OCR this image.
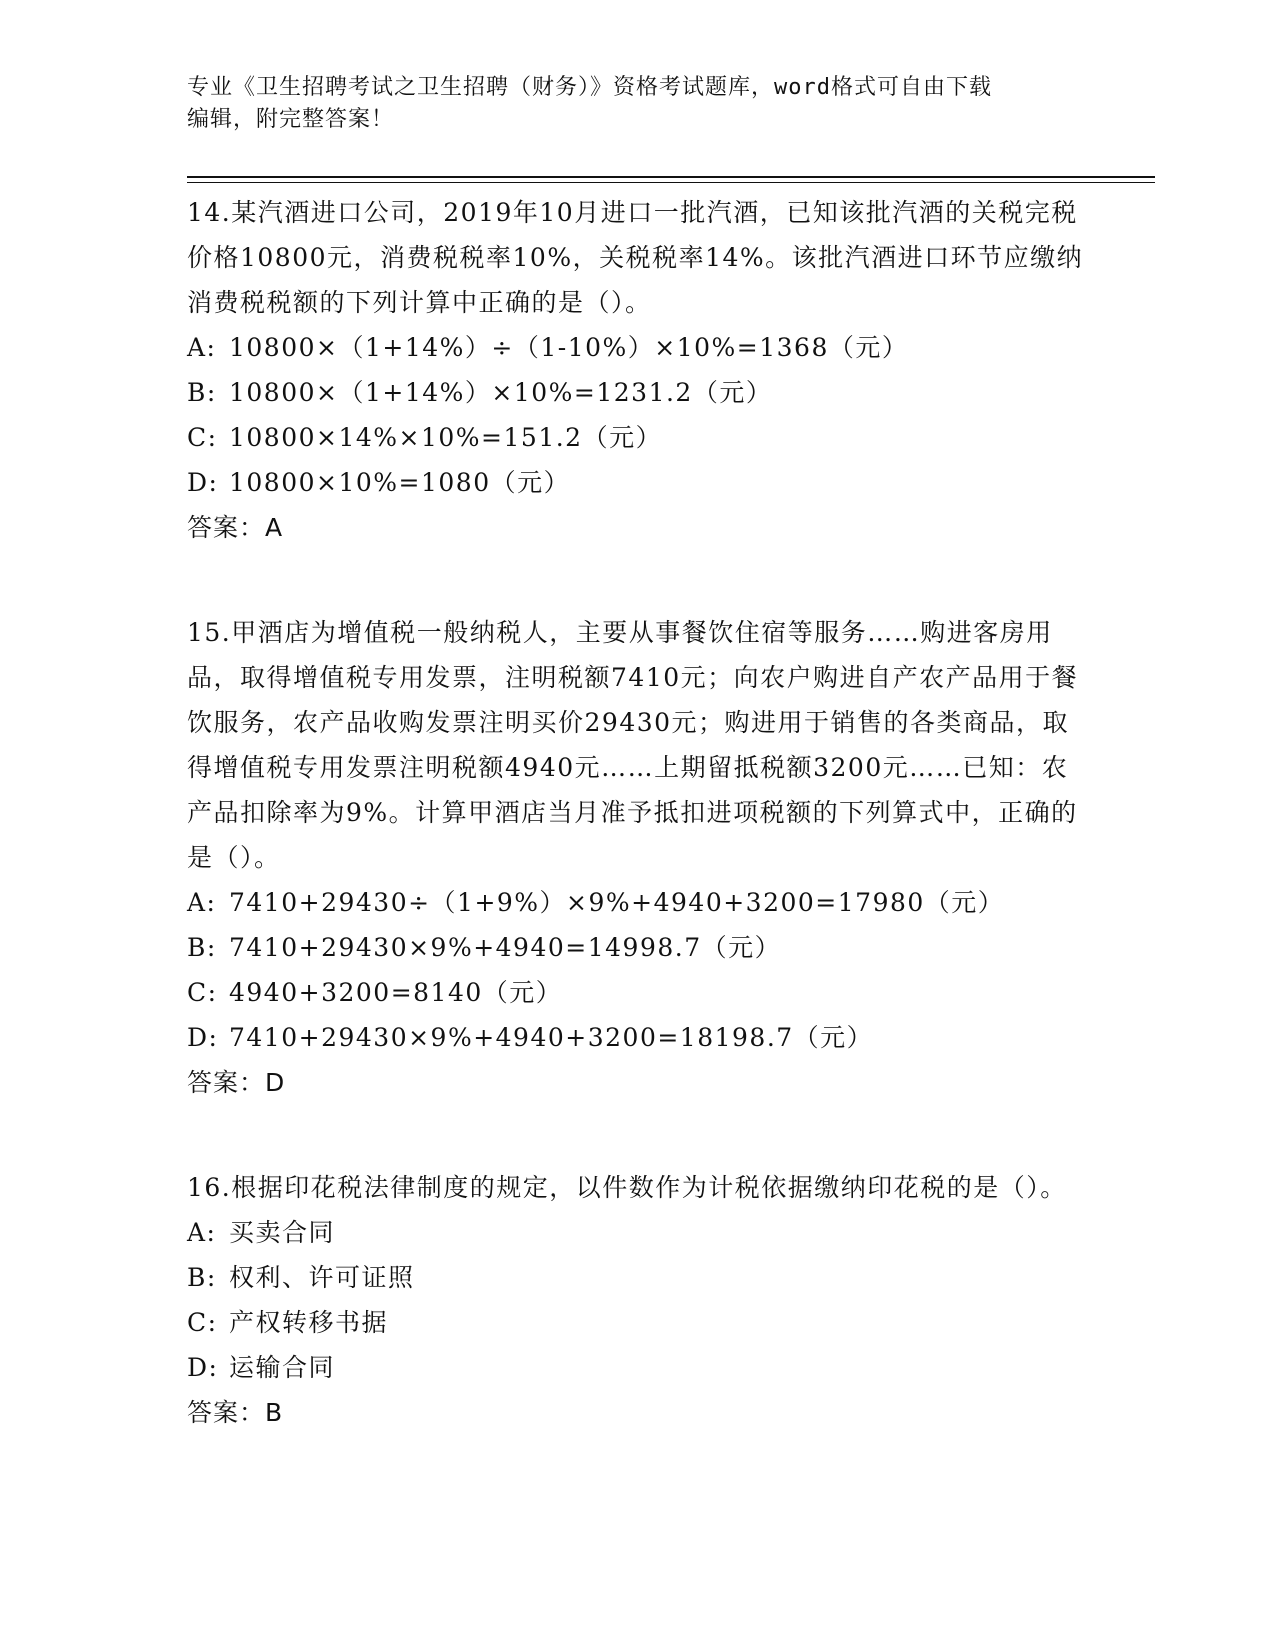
专业《卫生招聘考试之卫生招聘（财务）》资格考试题库，word格式可自由下载
编辑，附完整答案！

14.某汽酒进口公司，2019年10月进口一批汽酒，已知该批汽酒的关税完税价格10800元，消费税税率10%，关税税率14%。该批汽酒进口环节应缴纳消费税税额的下列计算中正确的是（）。

A: 10800×（1+14%）÷（1-10%）×10%=1368（元）

B: 10800×（1+14%）×10%=1231.2（元）

C: 10800×14%×10%=151.2（元）

D: 10800×10%=1080（元）

答案：A

15.甲酒店为增值税一般纳税人，主要从事餐饮住宿等服务……购进客房用品，取得增值税专用发票，注明税额7410元；向农户购进自产农产品用于餐饮服务，农产品收购发票注明买价29430元；购进用于销售的各类商品，取得增值税专用发票注明税额4940元……上期留抵税额3200元……已知：农产品扣除率为9%。计算甲酒店当月准予抵扣进项税额的下列算式中，正确的是（）。

A: 7410+29430÷（1+9%）×9%+4940+3200=17980（元）

B: 7410+29430×9%+4940=14998.7（元）

C: 4940+3200=8140（元）

D: 7410+29430×9%+4940+3200=18198.7（元）

答案：D

16.根据印花税法律制度的规定，以件数作为计税依据缴纳印花税的是（）。

A: 买卖合同

B: 权利、许可证照

C: 产权转移书据

D: 运输合同

答案：B
